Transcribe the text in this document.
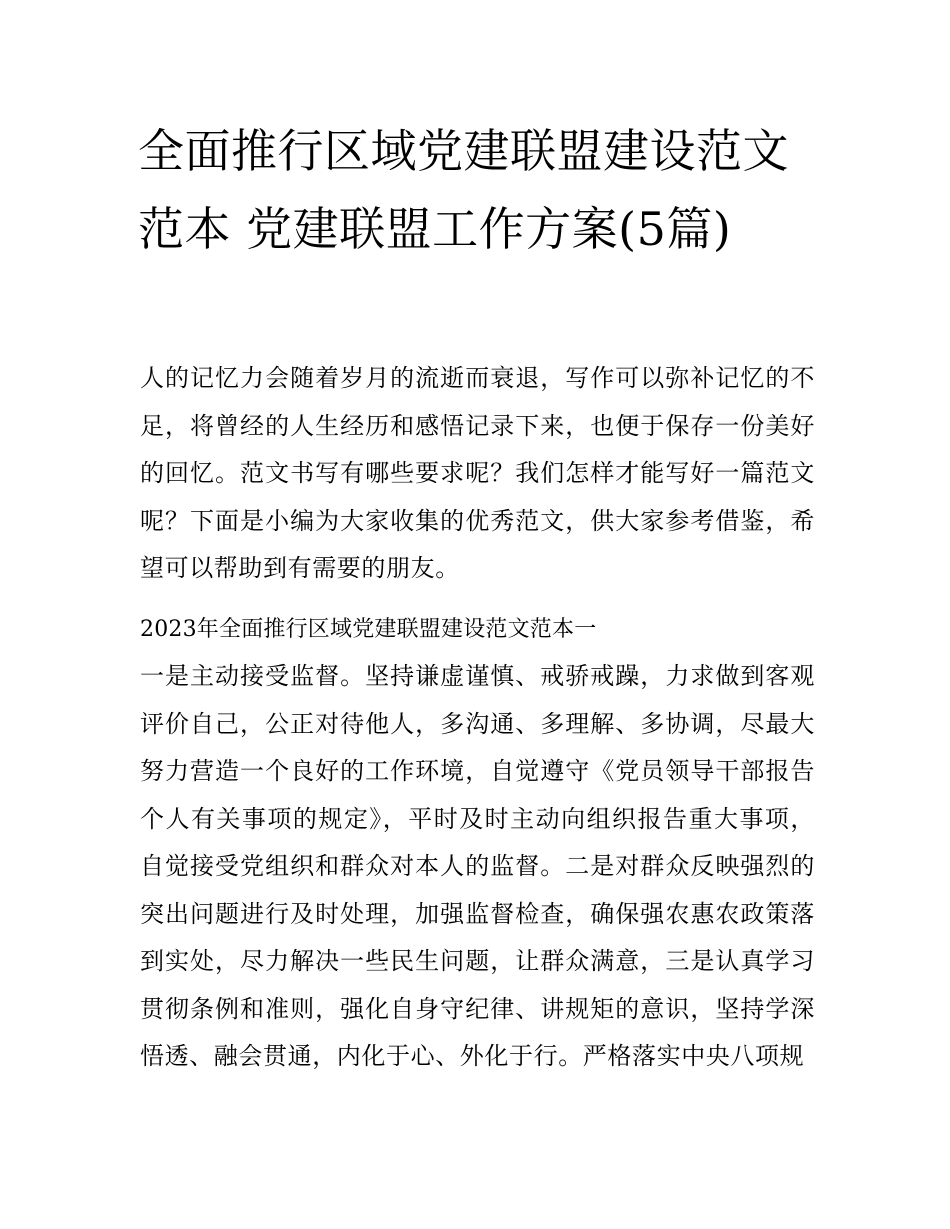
全面推行区域党建联盟建设范文范本 党建联盟工作方案(5篇)

人的记忆力会随着岁月的流逝而衰退，写作可以弥补记忆的不足，将曾经的人生经历和感悟记录下来，也便于保存一份美好的回忆。范文书写有哪些要求呢？我们怎样才能写好一篇范文呢？下面是小编为大家收集的优秀范文，供大家参考借鉴，希望可以帮助到有需要的朋友。

2023年全面推行区域党建联盟建设范文范本一

一是主动接受监督。坚持谦虚谨慎、戒骄戒躁，力求做到客观评价自己，公正对待他人，多沟通、多理解、多协调，尽最大努力营造一个良好的工作环境，自觉遵守《党员领导干部报告个人有关事项的规定》，平时及时主动向组织报告重大事项，自觉接受党组织和群众对本人的监督。二是对群众反映强烈的突出问题进行及时处理，加强监督检查，确保强农惠农政策落到实处，尽力解决一些民生问题，让群众满意，三是认真学习贯彻条例和准则，强化自身守纪律、讲规矩的意识，坚持学深悟透、融会贯通，内化于心、外化于行。严格落实中央八项规
